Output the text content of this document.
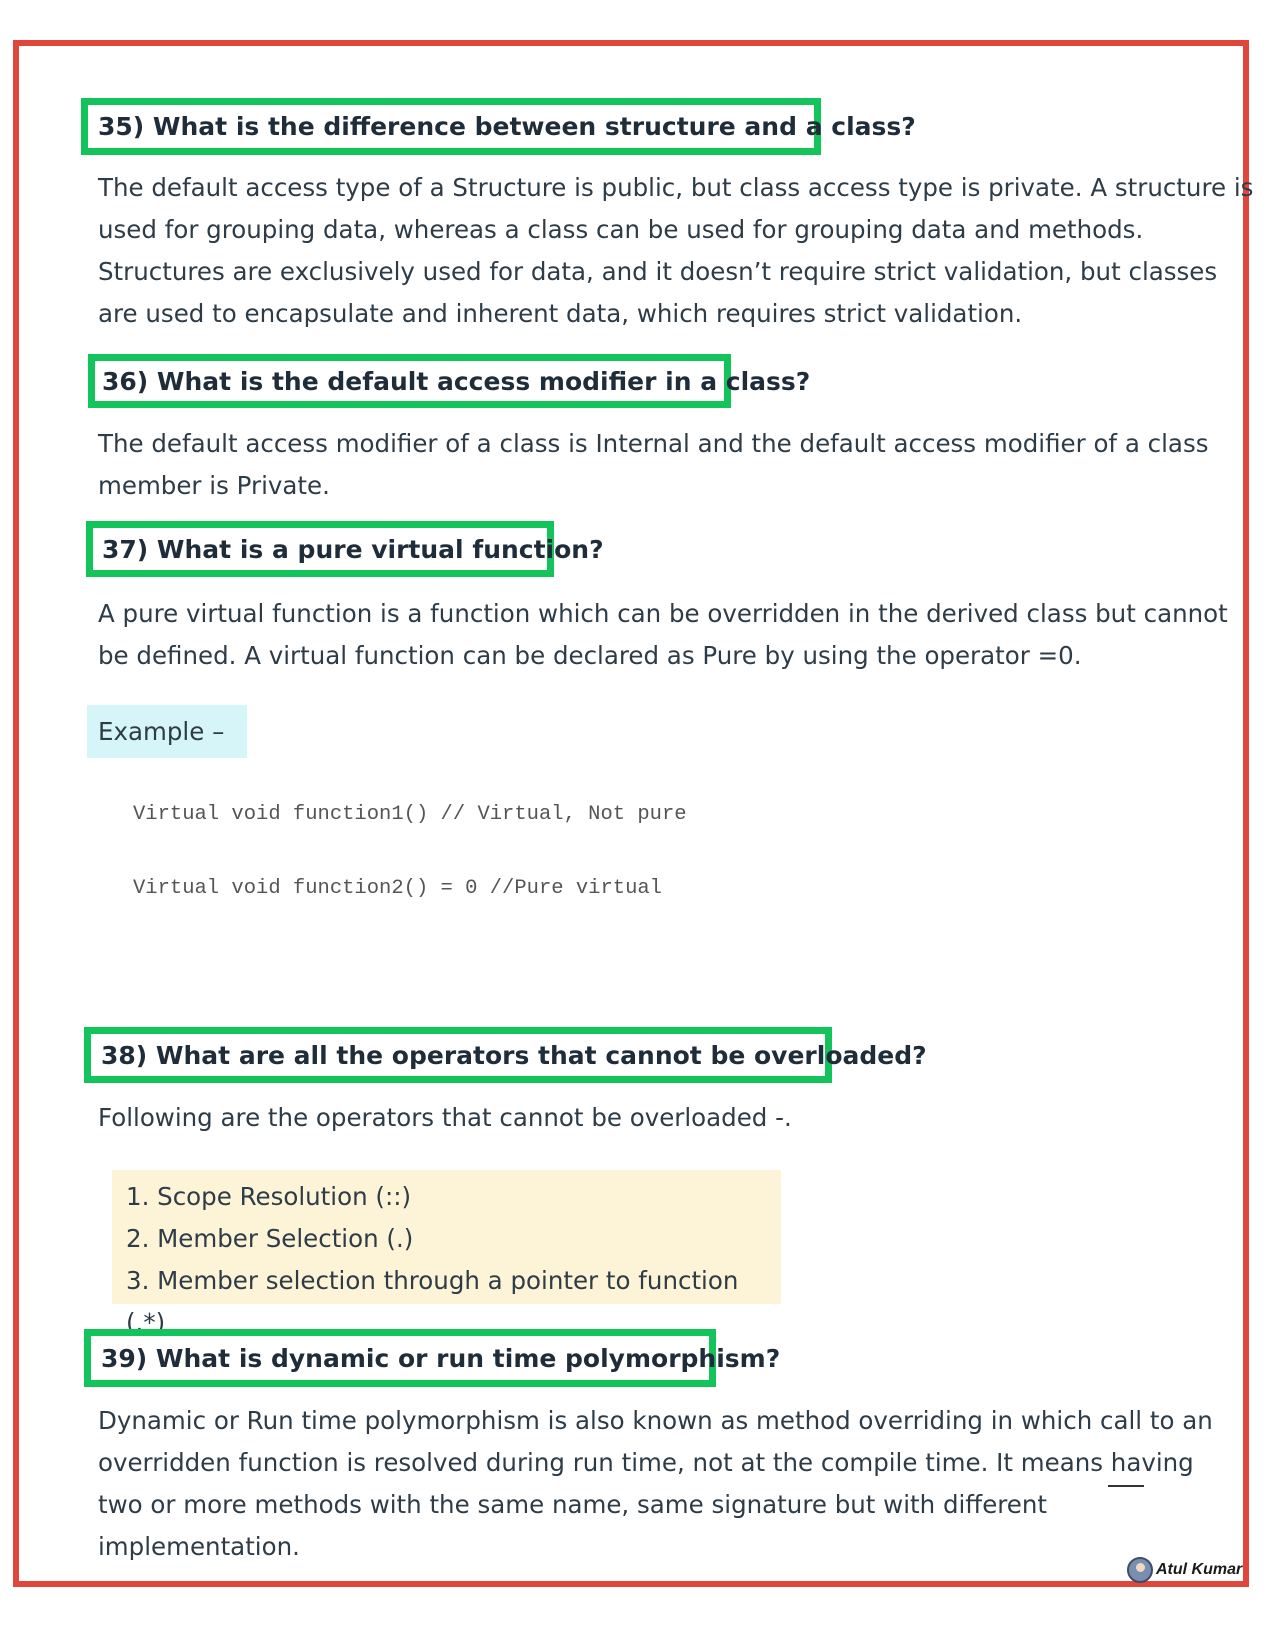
35) What is the difference between structure and a class?

The default access type of a Structure is public, but class access type is private. A structure is

used for grouping data, whereas a class can be used for grouping data and methods.

Structures are exclusively used for data, and it doesn’t require strict validation, but classes

are used to encapsulate and inherent data, which requires strict validation.

36) What is the default access modifier in a class?

The default access modifier of a class is Internal and the default access modifier of a class

member is Private.

37) What is a pure virtual function?

A pure virtual function is a function which can be overridden in the derived class but cannot

be defined. A virtual function can be declared as Pure by using the operator =0.

Example –
Virtual void function1() // Virtual, Not pure
Virtual void function2() = 0 //Pure virtual
38) What are all the operators that cannot be overloaded?

Following are the operators that cannot be overloaded -.

1. Scope Resolution (::)
2. Member Selection (.)
3. Member selection through a pointer to function (.*)
39) What is dynamic or run time polymorphism?

Dynamic or Run time polymorphism is also known as method overriding in which call to an

overridden function is resolved during run time, not at the compile time. It means having

two or more methods with the same name, same signature but with different

implementation.

Atul Kumar
